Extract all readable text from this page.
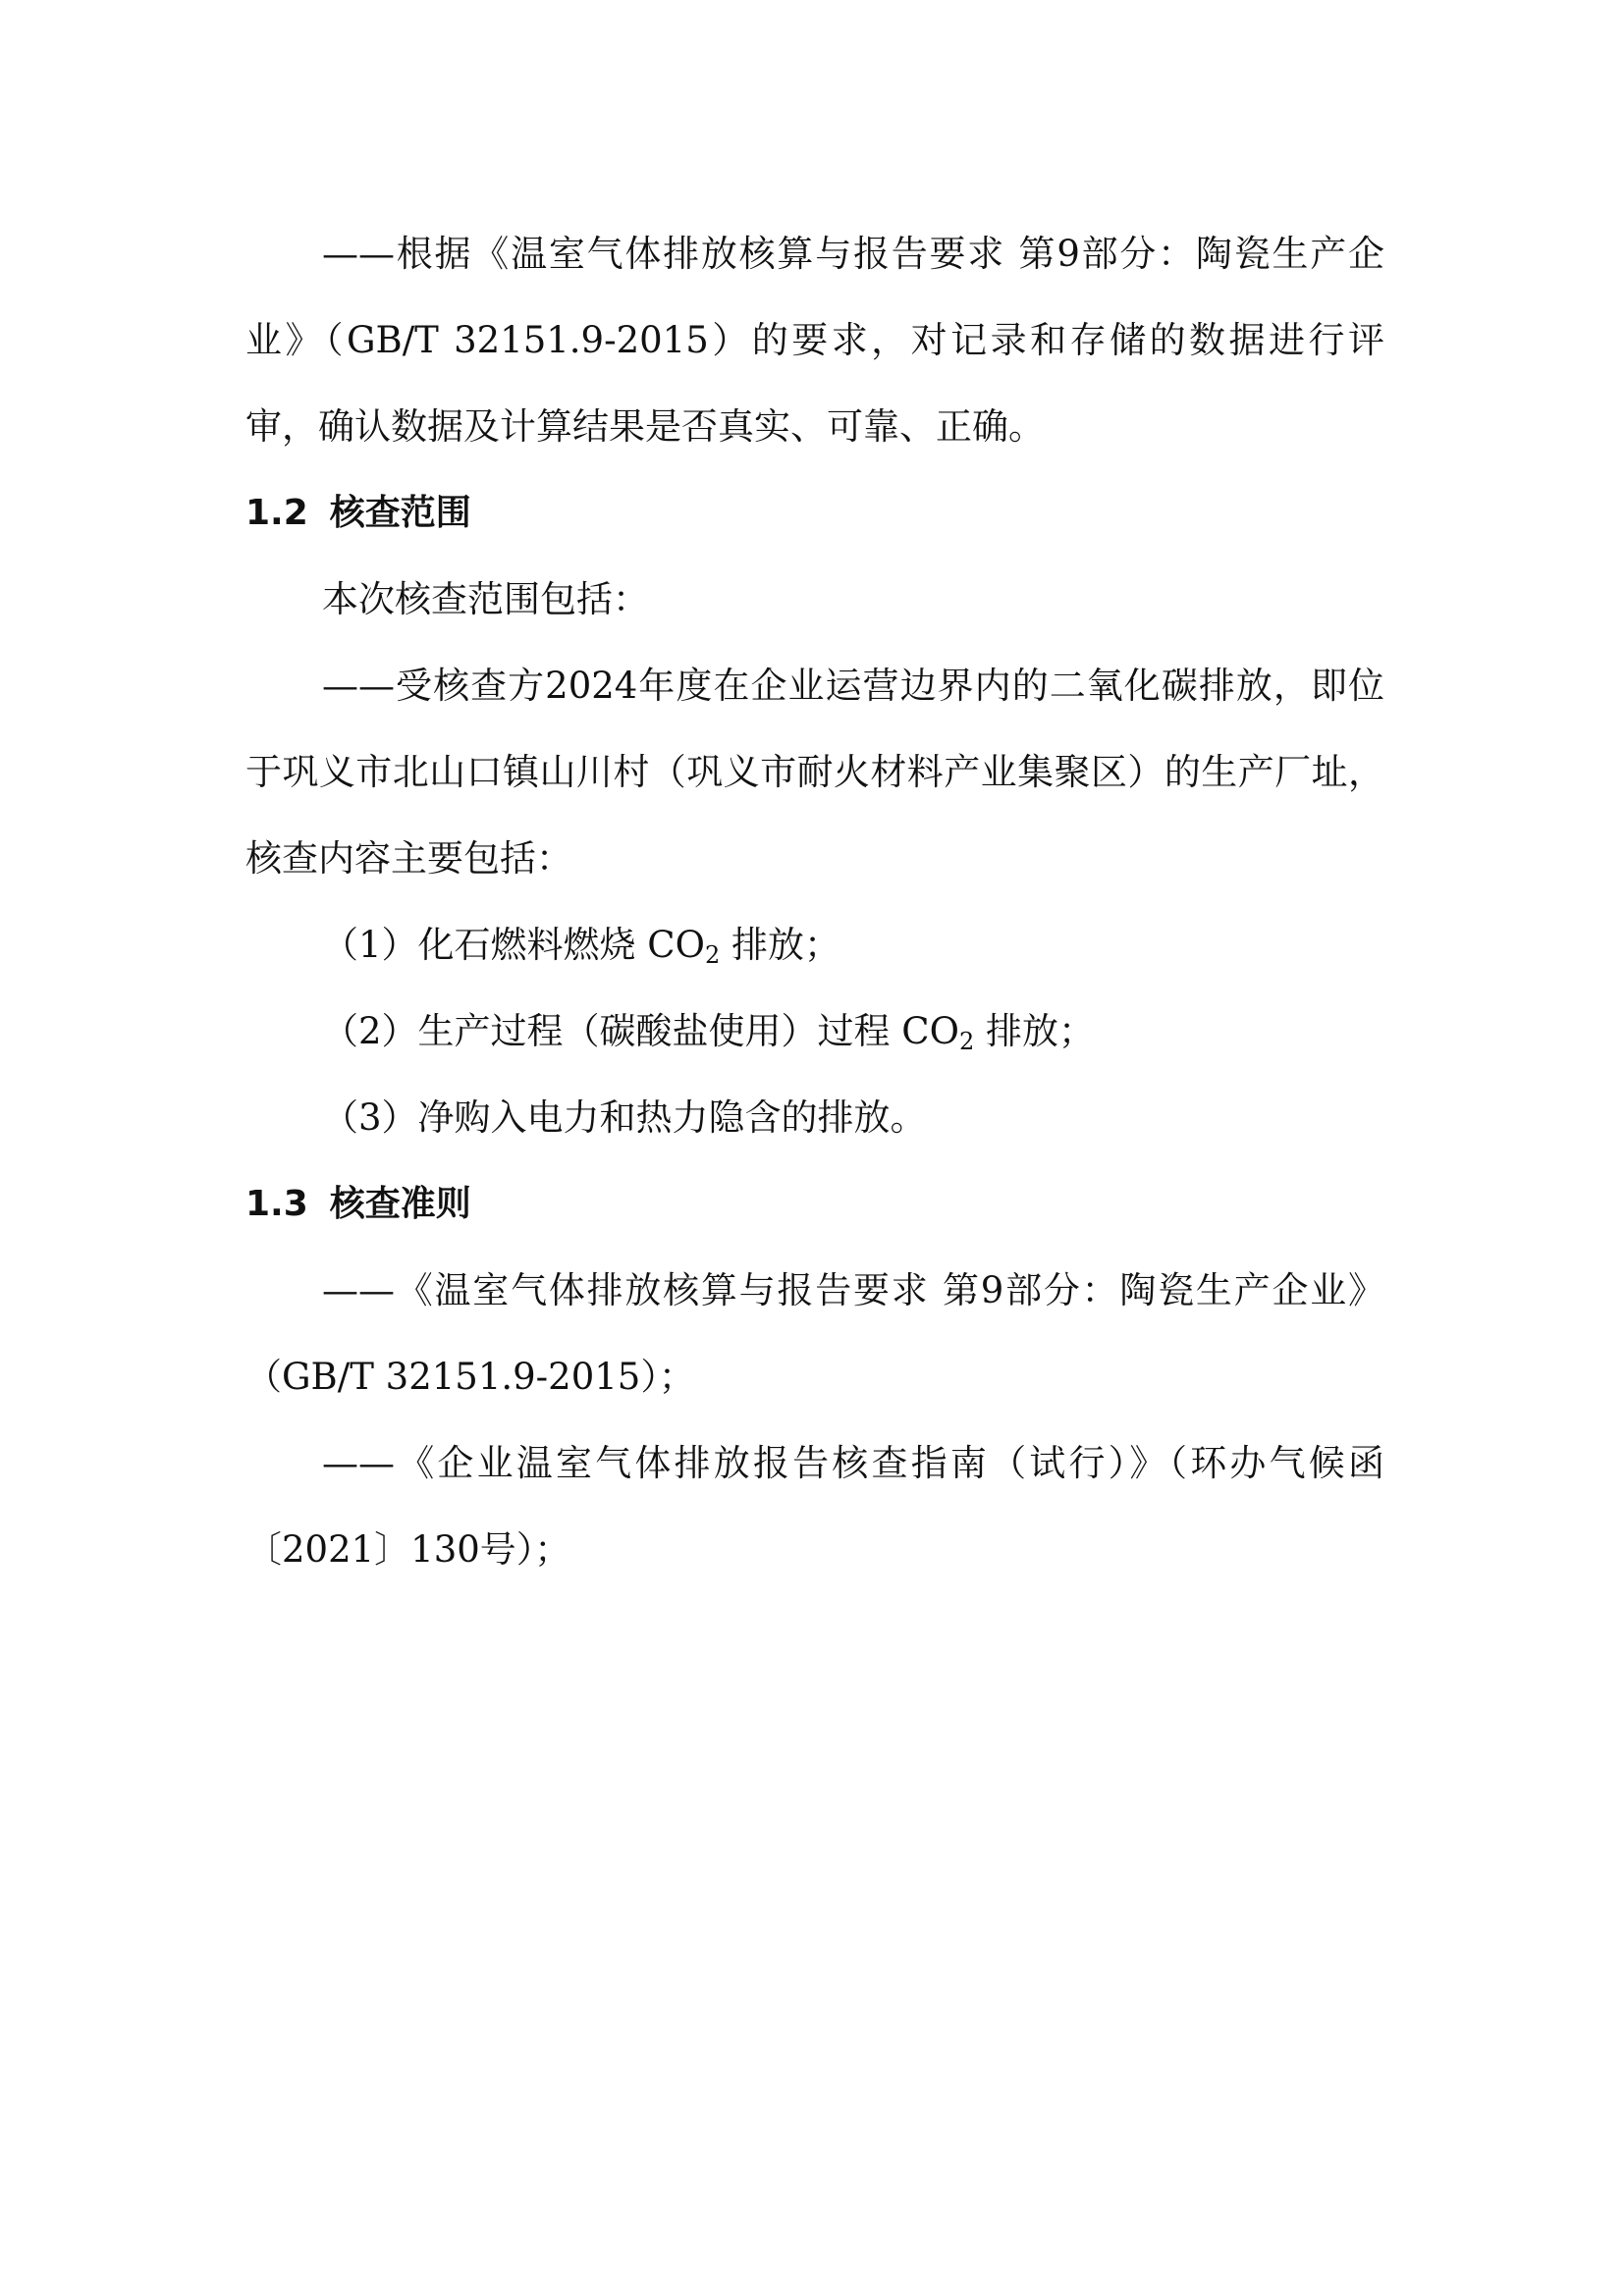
——根据《温室气体排放核算与报告要求 第9部分：陶瓷生产企业》（GB/T 32151.9-2015）的要求，对记录和存储的数据进行评审，确认数据及计算结果是否真实、可靠、正确。

1.2 核查范围

本次核查范围包括：

——受核查方2024年度在企业运营边界内的二氧化碳排放，即位于巩义市北山口镇山川村（巩义市耐火材料产业集聚区）的生产厂址，核查内容主要包括：

（1）化石燃料燃烧 $CO_2$ 排放；

（2）生产过程（碳酸盐使用）过程 $CO_2$ 排放；

（3）净购入电力和热力隐含的排放。

1.3 核查准则

——《温室气体排放核算与报告要求 第9部分：陶瓷生产企业》（GB/T 32151.9-2015）；

——《企业温室气体排放报告核查指南（试行）》（环办气候函〔2021〕130号）；
